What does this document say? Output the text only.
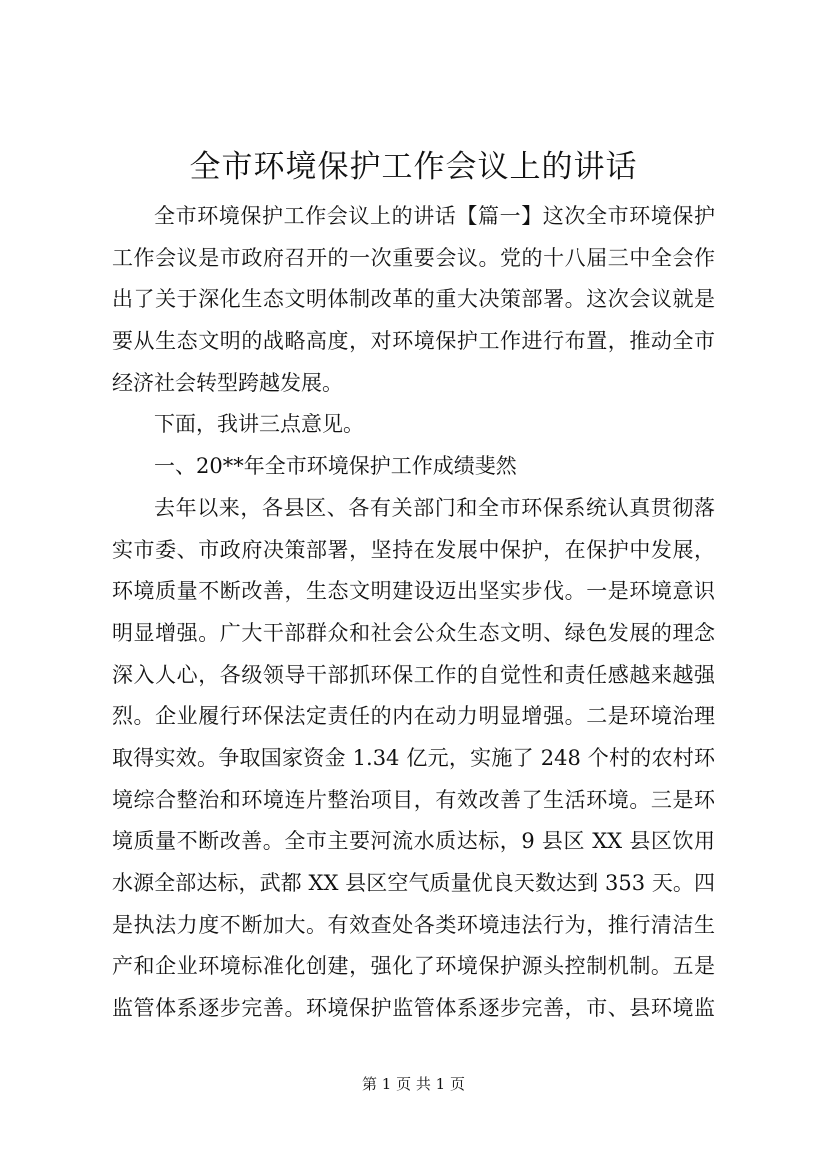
全市环境保护工作会议上的讲话
全市环境保护工作会议上的讲话【篇一】这次全市环境保护
工作会议是市政府召开的一次重要会议。党的十八届三中全会作
出了关于深化生态文明体制改革的重大决策部署。这次会议就是
要从生态文明的战略高度，对环境保护工作进行布置，推动全市
经济社会转型跨越发展。
下面，我讲三点意见。
一、20**年全市环境保护工作成绩斐然
去年以来，各县区、各有关部门和全市环保系统认真贯彻落
实市委、市政府决策部署，坚持在发展中保护，在保护中发展，
环境质量不断改善，生态文明建设迈出坚实步伐。一是环境意识
明显增强。广大干部群众和社会公众生态文明、绿色发展的理念
深入人心，各级领导干部抓环保工作的自觉性和责任感越来越强
烈。企业履行环保法定责任的内在动力明显增强。二是环境治理
取得实效。争取国家资金 1.34 亿元，实施了 248 个村的农村环
境综合整治和环境连片整治项目，有效改善了生活环境。三是环
境质量不断改善。全市主要河流水质达标，9 县区 XX 县区饮用
水源全部达标，武都 XX 县区空气质量优良天数达到 353 天。四
是执法力度不断加大。有效查处各类环境违法行为，推行清洁生
产和企业环境标准化创建，强化了环境保护源头控制机制。五是
监管体系逐步完善。环境保护监管体系逐步完善，市、县环境监
第 1 页 共 1 页
